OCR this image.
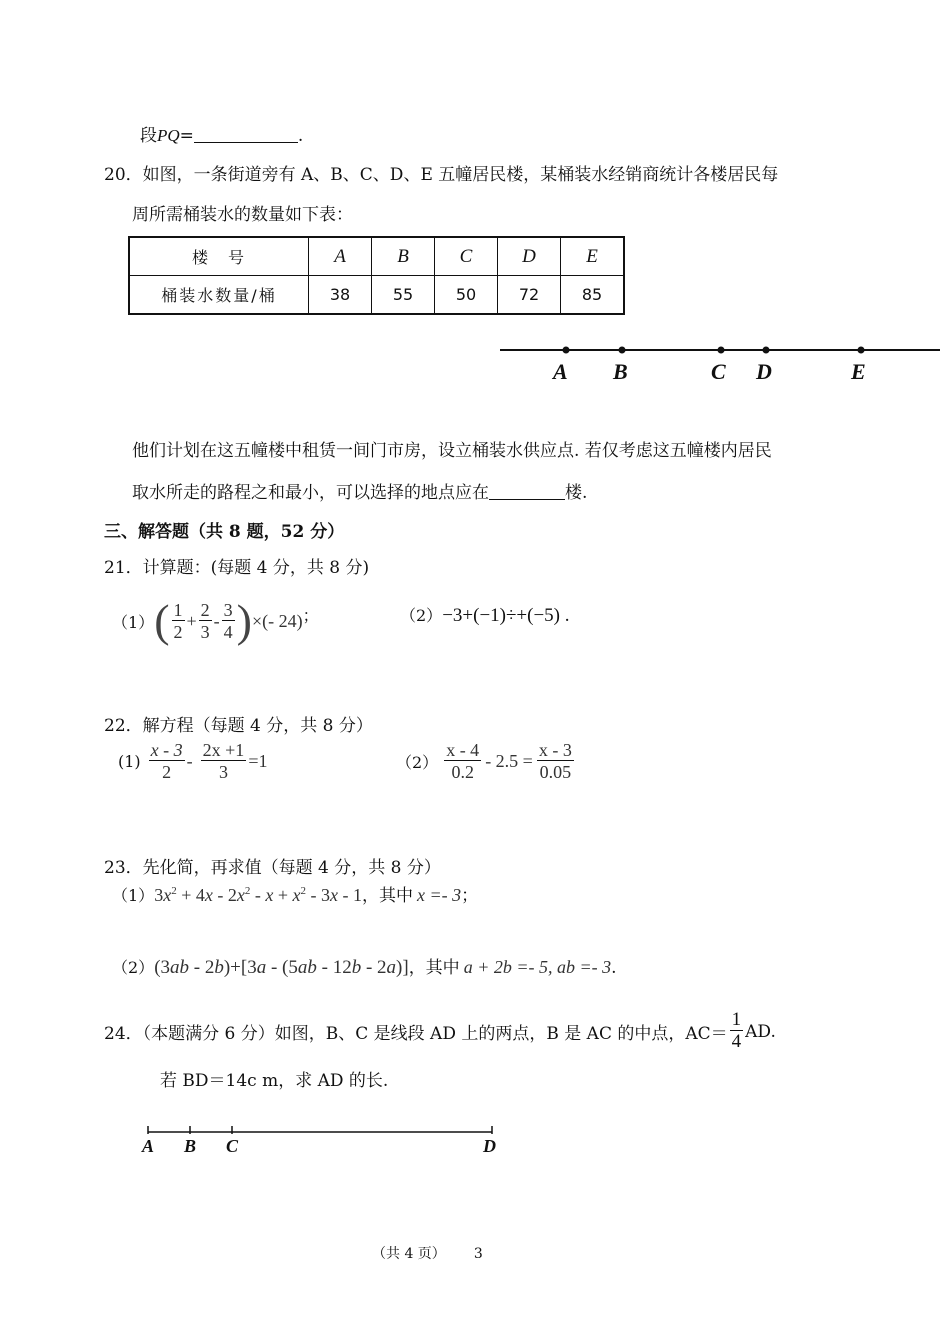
段PQ=	.
20．如图，一条街道旁有 A、B、C、D、E 五幢居民楼，某桶装水经销商统计各楼居民每
周所需桶装水的数量如下表：
楼　号	A	B	C	D	E
桶装水数量/桶	38	55	50	72	85
A B	C D	E
他们计划在这五幢楼中租赁一间门市房，设立桶装水供应点. 若仅考虑这五幢楼内居民
取水所走的路程之和最小，可以选择的地点应在	楼.
三、解答题（共 8 题，52 分）
21．计算题：(每题 4 分，共 8 分)
（1） ( $\frac{1}{2} + \frac{2}{3} - \frac{3}{4}$ ) ×(- 24) ；	（2）−3+(−1)÷+(−5) .
22．解方程（每题 4 分，共 8 分）
$(1) \frac{x - 3}{2} - \frac{2x +1}{3} =1$	$(2) \frac{x - 4}{0.2} - 2.5 = \frac{x - 3}{0.05}$
23．先化简，再求值（每题 4 分，共 8 分）
$(1)3x^2 + 4x - 2x^2 - x + x^2 - 3x - 1$，其中 x =- 3；
（2）(3ab - 2b)+[3a - (5ab - 12b - 2a)]，其中 a + 2b =- 5, ab =- 3.
24．（本题满分 6 分）如图，B、C 是线段 AD 上的两点，B 是 AC 的中点，$AC= \frac{1}{4}$ AD.
若 BD＝14c m，求 AD 的长.
A B C	D
（共 4 页） 3
